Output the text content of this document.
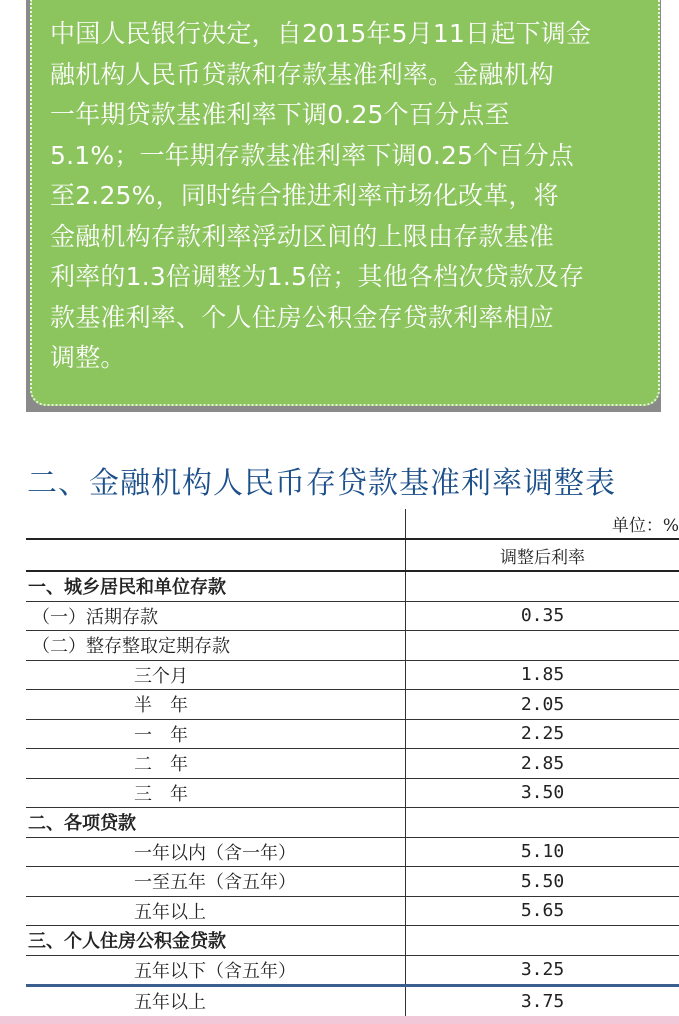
中国人民银行决定，自2015年5月11日起下调金
融机构人民币贷款和存款基准利率。金融机构
一年期贷款基准利率下调0.25个百分点至
5.1%；一年期存款基准利率下调0.25个百分点
至2.25%，同时结合推进利率市场化改革，将
金融机构存款利率浮动区间的上限由存款基准
利率的1.3倍调整为1.5倍；其他各档次贷款及存
款基准利率、个人住房公积金存贷款利率相应
调整。
二、金融机构人民币存贷款基准利率调整表
	单位：%
	调整后利率
一、城乡居民和单位存款	
（一）活期存款	0.35
（二）整存整取定期存款	
三个月	1.85
半　年	2.05
一　年	2.25
二　年	2.85
三　年	3.50
二、各项贷款	
一年以内（含一年）	5.10
一至五年（含五年）	5.50
五年以上	5.65
三、个人住房公积金贷款	
五年以下（含五年）	3.25
五年以上	3.75
